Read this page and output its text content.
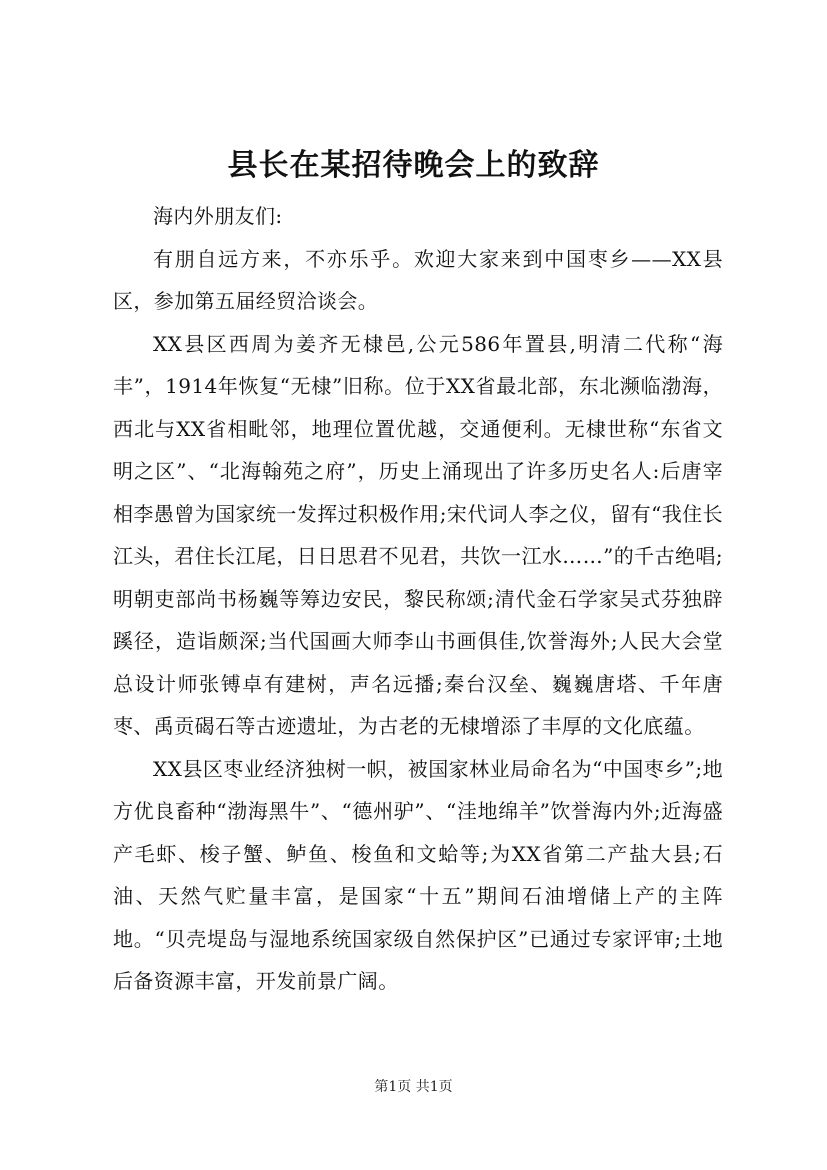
县长在某招待晚会上的致辞

海内外朋友们:

有朋自远方来，不亦乐乎。欢迎大家来到中国枣乡——XX县区，参加第五届经贸洽谈会。

XX县区西周为姜齐无棣邑,公元586年置县,明清二代称“海丰”，1914年恢复“无棣”旧称。位于XX省最北部，东北濒临渤海，西北与XX省相毗邻，地理位置优越，交通便利。无棣世称“东省文明之区”、“北海翰苑之府”，历史上涌现出了许多历史名人:后唐宰相李愚曾为国家统一发挥过积极作用;宋代词人李之仪，留有“我住长江头，君住长江尾，日日思君不见君，共饮一江水……”的千古绝唱;明朝吏部尚书杨巍等筹边安民，黎民称颂;清代金石学家吴式芬独辟蹊径，造诣颇深;当代国画大师李山书画俱佳,饮誉海外;人民大会堂总设计师张镈卓有建树，声名远播;秦台汉垒、巍巍唐塔、千年唐枣、禹贡碣石等古迹遗址，为古老的无棣增添了丰厚的文化底蕴。

XX县区枣业经济独树一帜，被国家林业局命名为“中国枣乡”;地方优良畜种“渤海黑牛”、“德州驴”、“洼地绵羊”饮誉海内外;近海盛产毛虾、梭子蟹、鲈鱼、梭鱼和文蛤等;为XX省第二产盐大县;石油、天然气贮量丰富，是国家“十五”期间石油增储上产的主阵地。“贝壳堤岛与湿地系统国家级自然保护区”已通过专家评审;土地后备资源丰富，开发前景广阔。

第1页 共1页
